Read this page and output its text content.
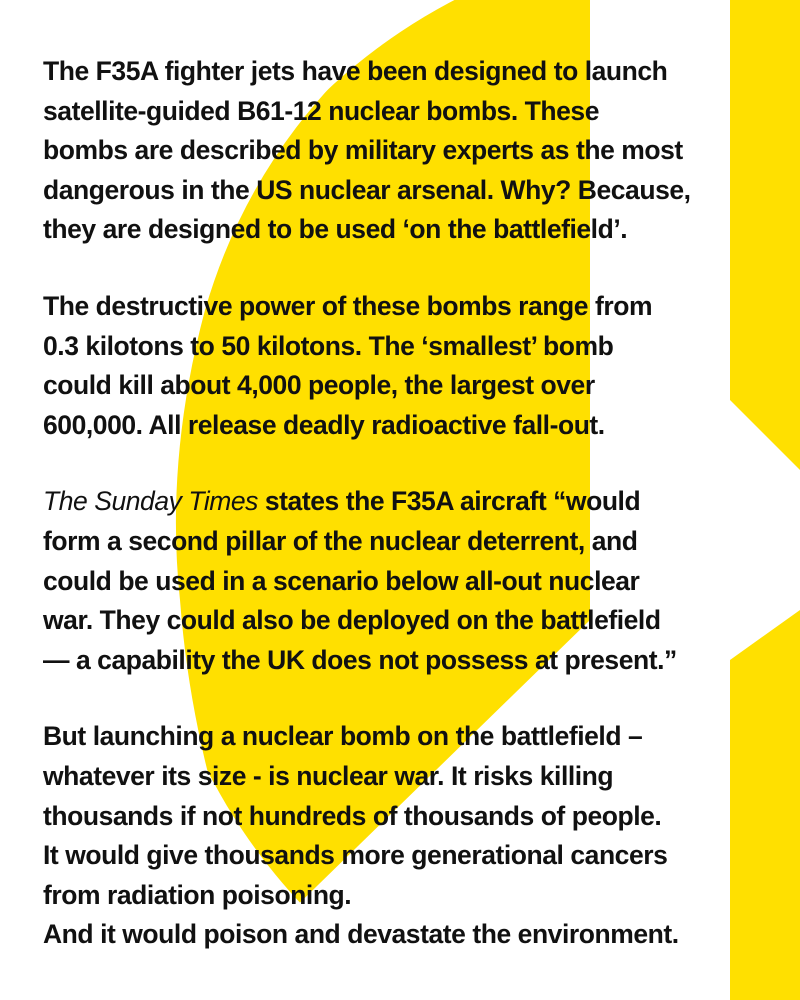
The F35A fighter jets have been designed to launch
satellite-guided B61-12 nuclear bombs. These
bombs are described by military experts as the most
dangerous in the US nuclear arsenal. Why? Because,
they are designed to be used ‘on the battlefield’.

The destructive power of these bombs range from
0.3 kilotons to 50 kilotons. The ‘smallest’ bomb
could kill about 4,000 people, the largest over
600,000. All release deadly radioactive fall-out.

The Sunday Times states the F35A aircraft “would
form a second pillar of the nuclear deterrent, and
could be used in a scenario below all-out nuclear
war. They could also be deployed on the battlefield
— a capability the UK does not possess at present.”

But launching a nuclear bomb on the battlefield –
whatever its size - is nuclear war. It risks killing
thousands if not hundreds of thousands of people.
It would give thousands more generational cancers
from radiation poisoning.
And it would poison and devastate the environment.
